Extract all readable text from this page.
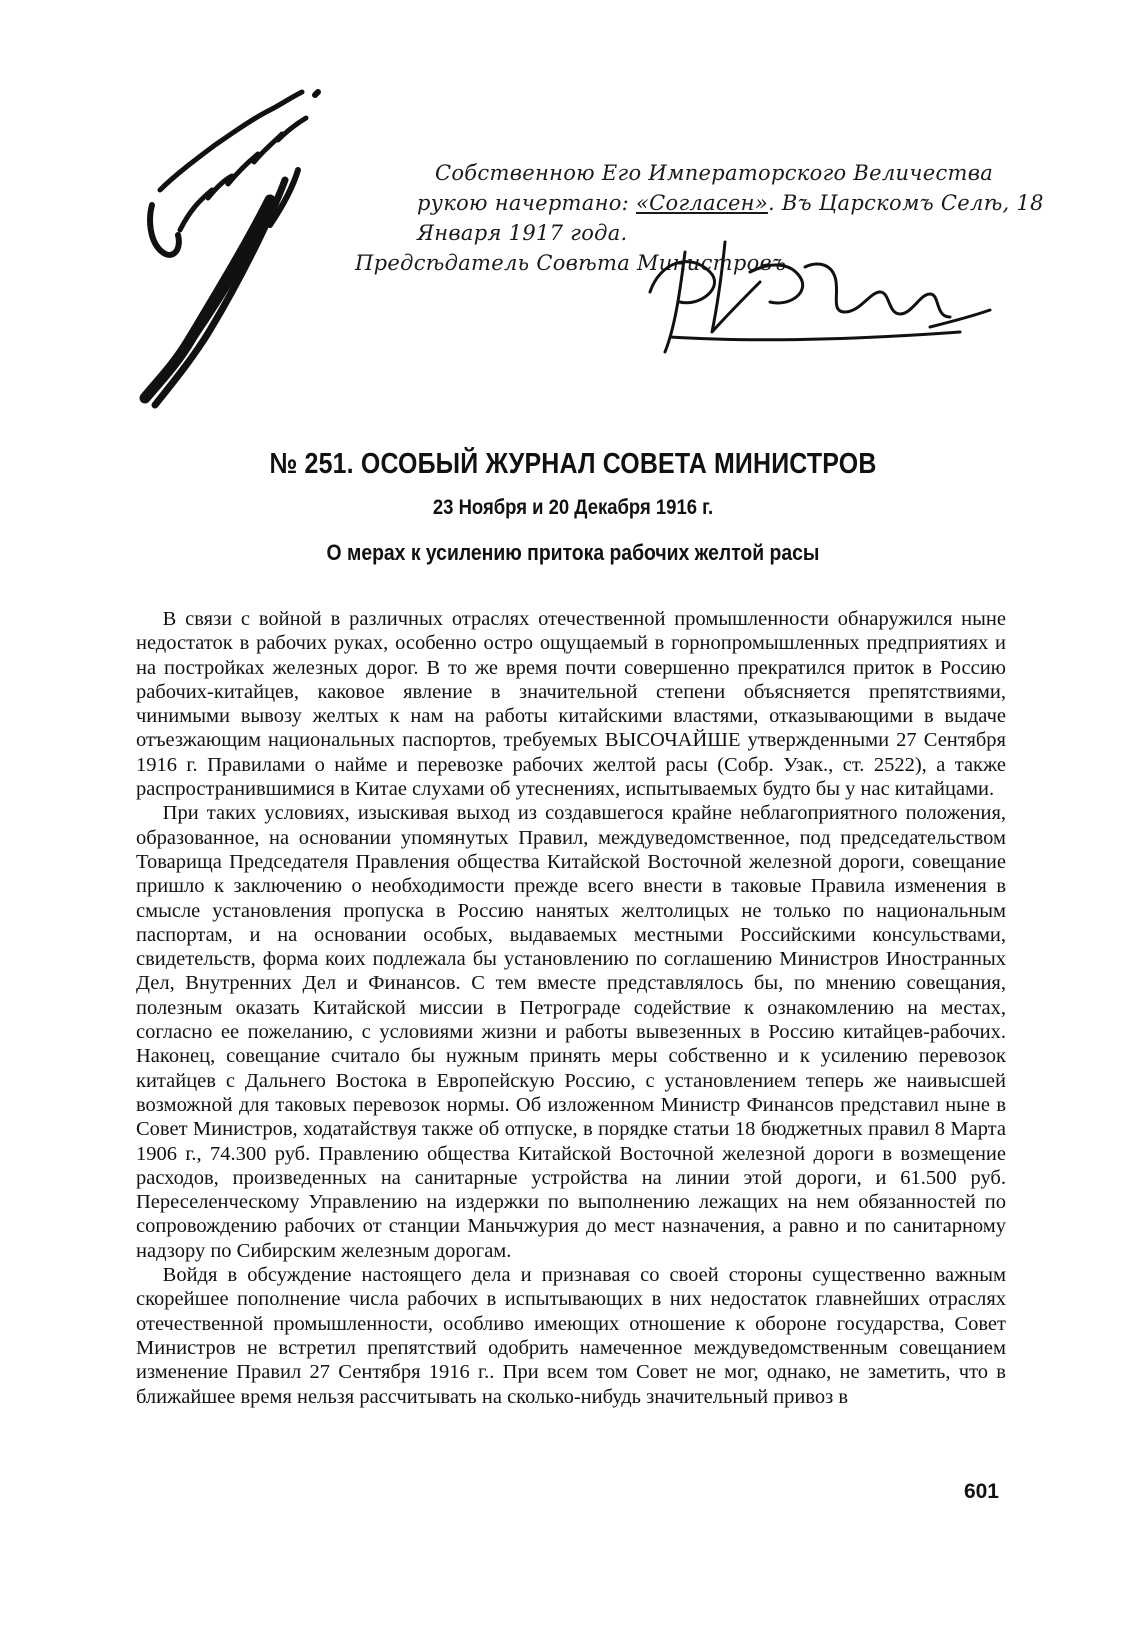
Собственною Его Императорского Величества
рукою начертано: «Согласен». Въ Царскомъ Селѣ, 18
Января 1917 года.
Предсѣдатель Совѣта Министровъ
№ 251. ОСОБЫЙ ЖУРНАЛ СОВЕТА МИНИСТРОВ
23 Ноября и 20 Декабря 1916 г.
О мерах к усилению притока рабочих желтой расы

В связи с войной в различных отраслях отечественной промышленности обнаружился ныне недостаток в рабочих руках, особенно остро ощущаемый в горнопромышленных предприятиях и на постройках железных дорог. В то же время почти совершенно прекратился приток в Россию рабочих-китайцев, каковое явление в значительной степени объясняется препятствиями, чинимыми вывозу желтых к нам на работы китайскими властями, отказывающими в выдаче отъезжающим национальных паспортов, требуемых ВЫСОЧАЙШЕ утвержденными 27 Сентября 1916 г. Правилами о найме и перевозке рабочих желтой расы (Собр. Узак., ст. 2522), а также распространившимися в Китае слухами об утеснениях, испытываемых будто бы у нас китайцами.

При таких условиях, изыскивая выход из создавшегося крайне неблагоприятного положения, образованное, на основании упомянутых Правил, междуведомственное, под председательством Товарища Председателя Правления общества Китайской Восточной железной дороги, совещание пришло к заключению о необходимости прежде всего внести в таковые Правила изменения в смысле установления пропуска в Россию нанятых желтолицых не только по национальным паспортам, и на основании особых, выдаваемых местными Российскими консульствами, свидетельств, форма коих подлежала бы установлению по соглашению Министров Иностранных Дел, Внутренних Дел и Финансов. С тем вместе представлялось бы, по мнению совещания, полезным оказать Китайской миссии в Петрограде содействие к ознакомлению на местах, согласно ее пожеланию, с условиями жизни и работы вывезенных в Россию китайцев-рабочих. Наконец, совещание считало бы нужным принять меры собственно и к усилению перевозок китайцев с Дальнего Востока в Европейскую Россию, с установлением теперь же наивысшей возможной для таковых перевозок нормы. Об изложенном Министр Финансов представил ныне в Совет Министров, ходатайствуя также об отпуске, в порядке статьи 18 бюджетных правил 8 Марта 1906 г., 74.300 руб. Правлению общества Китайской Восточной железной дороги в возмещение расходов, произведенных на санитарные устройства на линии этой дороги, и 61.500 руб. Переселенческому Управлению на издержки по выполнению лежащих на нем обязанностей по сопровождению рабочих от станции Маньчжурия до мест назначения, а равно и по санитарному надзору по Сибирским железным дорогам.

Войдя в обсуждение настоящего дела и признавая со своей стороны существенно важным скорейшее пополнение числа рабочих в испытывающих в них недостаток главнейших отраслях отечественной промышленности, особливо имеющих отношение к обороне государства, Совет Министров не встретил препятствий одобрить намеченное междуведомственным совещанием изменение Правил 27 Сентября 1916 г.. При всем том Совет не мог, однако, не заметить, что в ближайшее время нельзя рассчитывать на сколько-нибудь значительный привоз в

601
